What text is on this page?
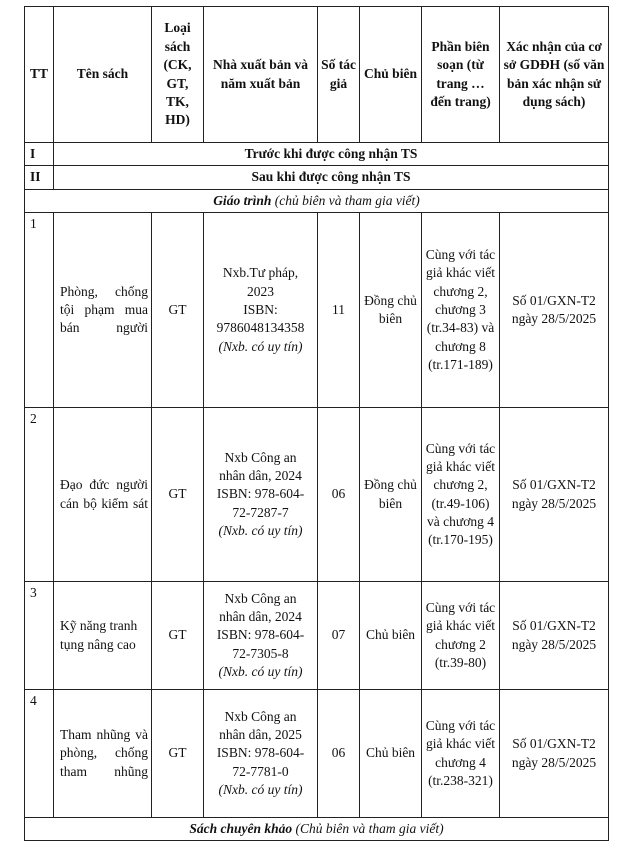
TT	Tên sách	Loại sách (CK, GT, TK, HD)	Nhà xuất bản và năm xuất bản	Số tác giả	Chủ biên	Phần biên soạn (từ trang … đến trang)	Xác nhận của cơ sở GDĐH (số văn bản xác nhận sử dụng sách)
I	Trước khi được công nhận TS						
II	Sau khi được công nhận TS						
Giáo trình (chủ biên và tham gia viết)							
1	Phòng, chống tội phạm mua bán người	GT	Nxb.Tư pháp,
2023
ISBN:
9786048134358
(Nxb. có uy tín)	11	Đồng chủ biên	Cùng với tác giả khác viết chương 2, chương 3 (tr.34-83) và chương 8 (tr.171-189)	Số 01/GXN-T2 ngày 28/5/2025
2	Đạo đức người cán bộ kiểm sát	GT	Nxb Công an
nhân dân, 2024
ISBN: 978-604-
72-7287-7
(Nxb. có uy tín)	06	Đồng chủ biên	Cùng với tác giả khác viết chương 2, (tr.49-106) và chương 4 (tr.170-195)	Số 01/GXN-T2 ngày 28/5/2025
3	Kỹ năng tranh tụng nâng cao	GT	Nxb Công an
nhân dân, 2024
ISBN: 978-604-
72-7305-8
(Nxb. có uy tín)	07	Chủ biên	Cùng với tác giả khác viết chương 2 (tr.39-80)	Số 01/GXN-T2 ngày 28/5/2025
4	Tham nhũng và phòng, chống tham nhũng	GT	Nxb Công an
nhân dân, 2025
ISBN: 978-604-
72-7781-0
(Nxb. có uy tín)	06	Chủ biên	Cùng với tác giả khác viết chương 4 (tr.238-321)	Số 01/GXN-T2 ngày 28/5/2025
Sách chuyên khảo (Chủ biên và tham gia viết)							
